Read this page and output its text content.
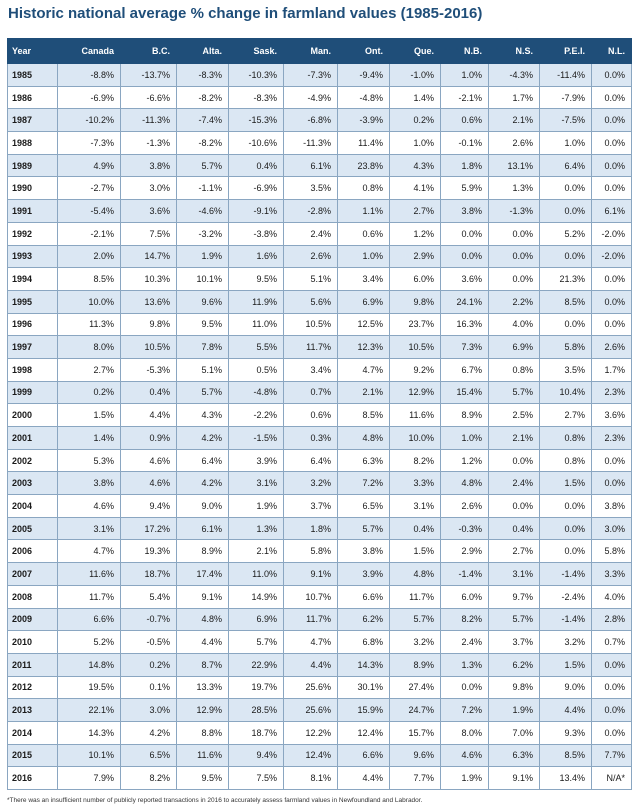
Historic national average % change in farmland values (1985-2016)
Year	Canada	B.C.	Alta.	Sask.	Man.	Ont.	Que.	N.B.	N.S.	P.E.I.	N.L.
1985	-8.8%	-13.7%	-8.3%	-10.3%	-7.3%	-9.4%	-1.0%	1.0%	-4.3%	-11.4%	0.0%
1986	-6.9%	-6.6%	-8.2%	-8.3%	-4.9%	-4.8%	1.4%	-2.1%	1.7%	-7.9%	0.0%
1987	-10.2%	-11.3%	-7.4%	-15.3%	-6.8%	-3.9%	0.2%	0.6%	2.1%	-7.5%	0.0%
1988	-7.3%	-1.3%	-8.2%	-10.6%	-11.3%	11.4%	1.0%	-0.1%	2.6%	1.0%	0.0%
1989	4.9%	3.8%	5.7%	0.4%	6.1%	23.8%	4.3%	1.8%	13.1%	6.4%	0.0%
1990	-2.7%	3.0%	-1.1%	-6.9%	3.5%	0.8%	4.1%	5.9%	1.3%	0.0%	0.0%
1991	-5.4%	3.6%	-4.6%	-9.1%	-2.8%	1.1%	2.7%	3.8%	-1.3%	0.0%	6.1%
1992	-2.1%	7.5%	-3.2%	-3.8%	2.4%	0.6%	1.2%	0.0%	0.0%	5.2%	-2.0%
1993	2.0%	14.7%	1.9%	1.6%	2.6%	1.0%	2.9%	0.0%	0.0%	0.0%	-2.0%
1994	8.5%	10.3%	10.1%	9.5%	5.1%	3.4%	6.0%	3.6%	0.0%	21.3%	0.0%
1995	10.0%	13.6%	9.6%	11.9%	5.6%	6.9%	9.8%	24.1%	2.2%	8.5%	0.0%
1996	11.3%	9.8%	9.5%	11.0%	10.5%	12.5%	23.7%	16.3%	4.0%	0.0%	0.0%
1997	8.0%	10.5%	7.8%	5.5%	11.7%	12.3%	10.5%	7.3%	6.9%	5.8%	2.6%
1998	2.7%	-5.3%	5.1%	0.5%	3.4%	4.7%	9.2%	6.7%	0.8%	3.5%	1.7%
1999	0.2%	0.4%	5.7%	-4.8%	0.7%	2.1%	12.9%	15.4%	5.7%	10.4%	2.3%
2000	1.5%	4.4%	4.3%	-2.2%	0.6%	8.5%	11.6%	8.9%	2.5%	2.7%	3.6%
2001	1.4%	0.9%	4.2%	-1.5%	0.3%	4.8%	10.0%	1.0%	2.1%	0.8%	2.3%
2002	5.3%	4.6%	6.4%	3.9%	6.4%	6.3%	8.2%	1.2%	0.0%	0.8%	0.0%
2003	3.8%	4.6%	4.2%	3.1%	3.2%	7.2%	3.3%	4.8%	2.4%	1.5%	0.0%
2004	4.6%	9.4%	9.0%	1.9%	3.7%	6.5%	3.1%	2.6%	0.0%	0.0%	3.8%
2005	3.1%	17.2%	6.1%	1.3%	1.8%	5.7%	0.4%	-0.3%	0.4%	0.0%	3.0%
2006	4.7%	19.3%	8.9%	2.1%	5.8%	3.8%	1.5%	2.9%	2.7%	0.0%	5.8%
2007	11.6%	18.7%	17.4%	11.0%	9.1%	3.9%	4.8%	-1.4%	3.1%	-1.4%	3.3%
2008	11.7%	5.4%	9.1%	14.9%	10.7%	6.6%	11.7%	6.0%	9.7%	-2.4%	4.0%
2009	6.6%	-0.7%	4.8%	6.9%	11.7%	6.2%	5.7%	8.2%	5.7%	-1.4%	2.8%
2010	5.2%	-0.5%	4.4%	5.7%	4.7%	6.8%	3.2%	2.4%	3.7%	3.2%	0.7%
2011	14.8%	0.2%	8.7%	22.9%	4.4%	14.3%	8.9%	1.3%	6.2%	1.5%	0.0%
2012	19.5%	0.1%	13.3%	19.7%	25.6%	30.1%	27.4%	0.0%	9.8%	9.0%	0.0%
2013	22.1%	3.0%	12.9%	28.5%	25.6%	15.9%	24.7%	7.2%	1.9%	4.4%	0.0%
2014	14.3%	4.2%	8.8%	18.7%	12.2%	12.4%	15.7%	8.0%	7.0%	9.3%	0.0%
2015	10.1%	6.5%	11.6%	9.4%	12.4%	6.6%	9.6%	4.6%	6.3%	8.5%	7.7%
2016	7.9%	8.2%	9.5%	7.5%	8.1%	4.4%	7.7%	1.9%	9.1%	13.4%	N/A*
*There was an insufficient number of publicly reported transactions in 2016 to accurately assess farmland values in Newfoundland and Labrador.
